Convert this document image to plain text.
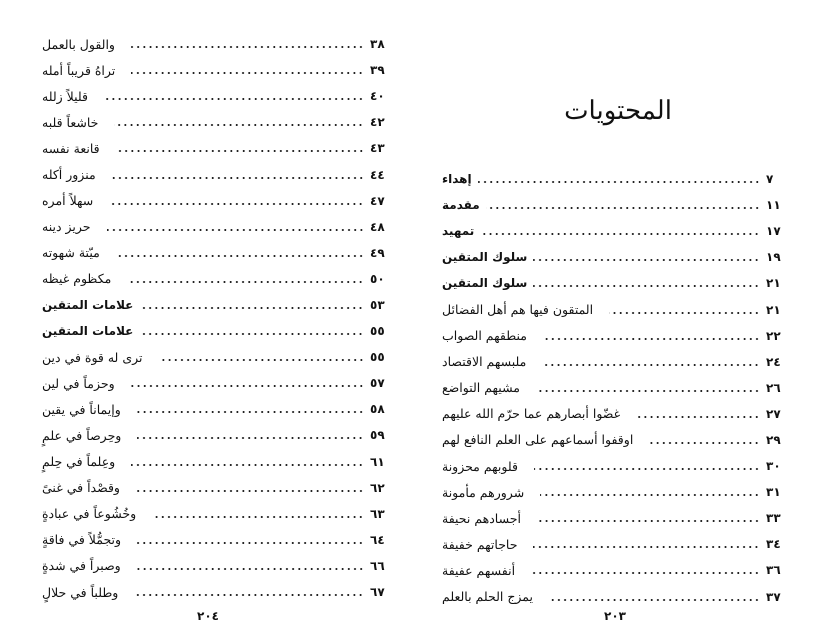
والقول بالعمل	٣٨
تراهُ قريباً أمله	٣٩
قليلاً زلله	٤٠
خاشعاً قلبه	٤٢
قانعة نفسه	٤٣
منزور أكله	٤٤
سهلاً أمره	٤٧
حريز دينه	٤٨
ميّتة شهوته	٤٩
مكظوم غيظه	٥٠
علامات المتقين	٥٣
علامات المتقين	٥٥
ترى له قوة في دين	٥٥
وحزماً في لين	٥٧
وإيماناً في يقين	٥٨
وحِرصاً في علمٍ	٥٩
وعِلماً في حِلمٍ	٦١
وقصْداً في غنىً	٦٢
وخُشُوعاً في عبادةٍ	٦٣
وتجمُّلاً في فاقةٍ	٦٤
وصبراً في شدةٍ	٦٦
وطلباً في حلالٍ	٦٧
٢٠٤
المحتويات
إهداء	٧
مقدمة	١١
تمهيد	١٧
سلوك المتقين	١٩
سلوك المتقين	٢١
المتقون فيها هم أهل الفضائل	٢١
منطقهم الصواب	٢٢
ملبسهم الاقتصاد	٢٤
مشيهم التواضع	٢٦
غضّوا أبصارهم عما حرّم الله عليهم	٢٧
اوقفوا أسماعهم على العلم النافع لهم	٢٩
قلوبهم محزونة	٣٠
شرورهم مأمونة	٣١
أجسادهم نحيفة	٣٣
حاجاتهم خفيفة	٣٤
أنفسهم عفيفة	٣٦
يمزج الحلم بالعلم	٣٧
٢٠٣
